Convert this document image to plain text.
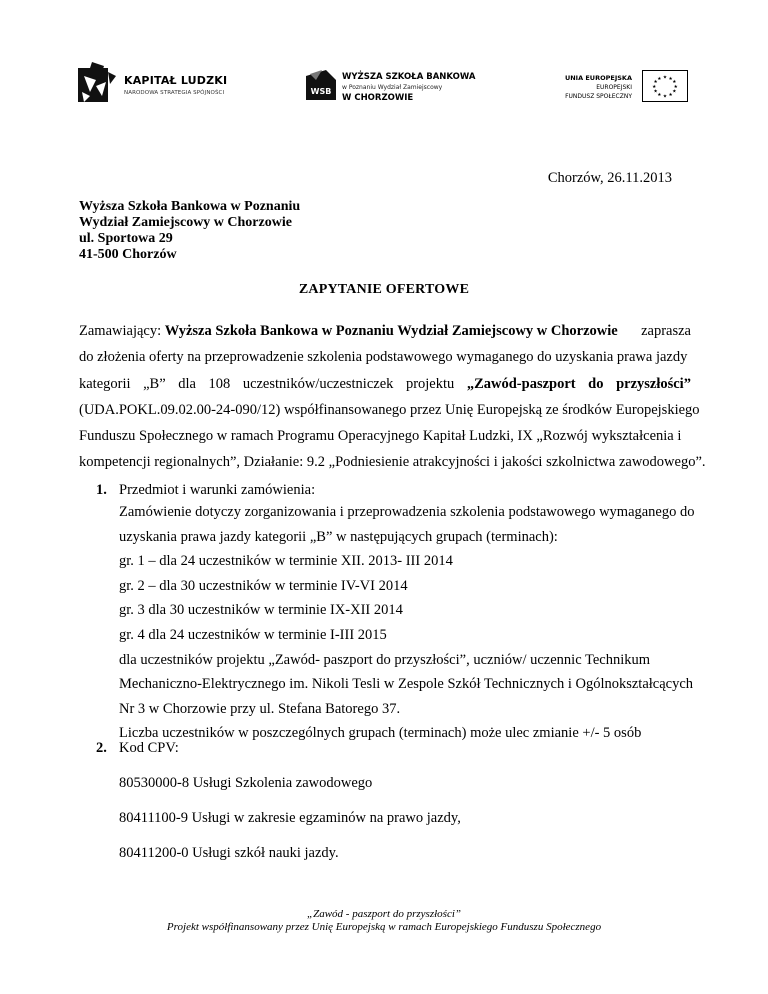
KAPITAŁ LUDZKI
NARODOWA STRATEGIA SPÓJNOŚCI	WSB
WYŻSZA SZKOŁA BANKOWA
w Poznaniu Wydział Zamiejscowy
W CHORZOWIE
UNIA EUROPEJSKA
EUROPEJSKI
FUNDUSZ SPOŁECZNY
★ ★
★
★
★
★
★
★
★
★
★
★
Chorzów, 26.11.2013
Wyższa Szkoła Bankowa w Poznaniu
Wydział Zamiejscowy w Chorzowie
ul. Sportowa 29
41-500 Chorzów
ZAPYTANIE OFERTOWE
Zamawiający: Wyższa Szkoła Bankowa w Poznaniu Wydział Zamiejscowy w Chorzowie zaprasza
do złożenia oferty na przeprowadzenie szkolenia podstawowego wymaganego do uzyskania prawa jazdy
kategorii „B” dla 108 uczestników/uczestniczek projektu „Zawód-paszport do przyszłości”
(UDA.POKL.09.02.00-24-090/12) współfinansowanego przez Unię Europejską ze środków Europejskiego
Funduszu Społecznego w ramach Programu Operacyjnego Kapitał Ludzki, IX „Rozwój wykształcenia i
kompetencji regionalnych”, Działanie: 9.2 „Podniesienie atrakcyjności i jakości szkolnictwa zawodowego”.
1. Przedmiot i warunki zamówienia:
Zamówienie dotyczy zorganizowania i przeprowadzenia szkolenia podstawowego wymaganego do
uzyskania prawa jazdy kategorii „B” w następujących grupach (terminach):
gr. 1 – dla 24 uczestników w terminie XII. 2013- III 2014
gr. 2 – dla 30 uczestników w terminie IV-VI 2014
gr. 3 dla 30 uczestników w terminie IX-XII 2014
gr. 4 dla 24 uczestników w terminie I-III 2015
dla uczestników projektu „Zawód- paszport do przyszłości”, uczniów/ uczennic Technikum
Mechaniczno-Elektrycznego im. Nikoli Tesli w Zespole Szkół Technicznych i Ogólnokształcących
Nr 3 w Chorzowie przy ul. Stefana Batorego 37.
Liczba uczestników w poszczególnych grupach (terminach) może ulec zmianie +/- 5 osób
2. Kod CPV:
80530000-8 Usługi Szkolenia zawodowego
80411100-9 Usługi w zakresie egzaminów na prawo jazdy,
80411200-0 Usługi szkół nauki jazdy.
„Zawód - paszport do przyszłości”
Projekt współfinansowany przez Unię Europejską w ramach Europejskiego Funduszu Społecznego
